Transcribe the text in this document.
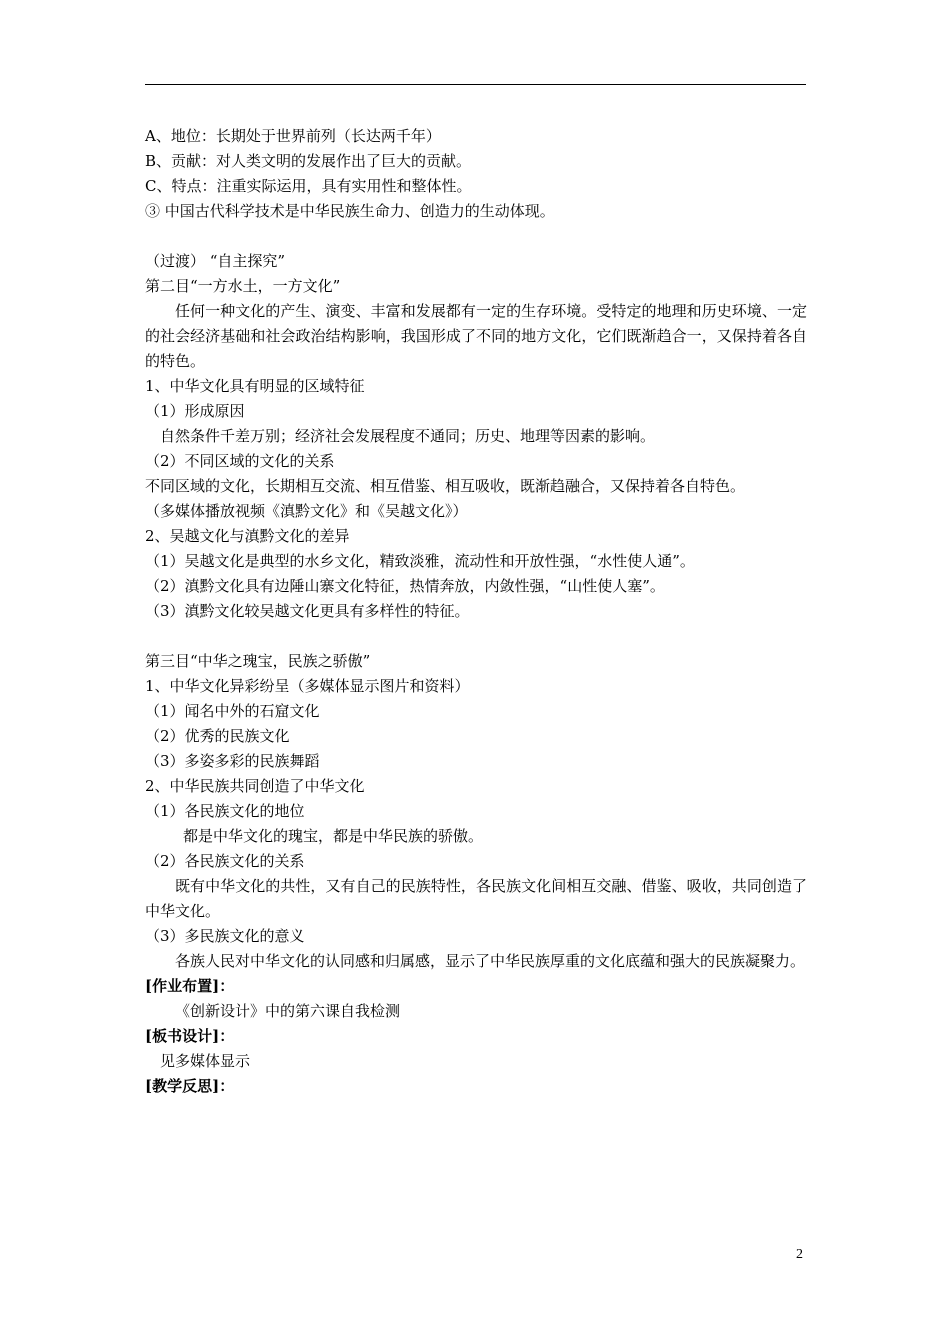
A、地位：长期处于世界前列（长达两千年）
B、贡献：对人类文明的发展作出了巨大的贡献。
C、特点：注重实际运用，具有实用性和整体性。
③ 中国古代科学技术是中华民族生命力、创造力的生动体现。
（过渡） “自主探究”
第二目“一方水土，一方文化”
任何一种文化的产生、演变、丰富和发展都有一定的生存环境。受特定的地理和历史环境、一定的社会经济基础和社会政治结构影响，我国形成了不同的地方文化，它们既渐趋合一，又保持着各自的特色。
1、中华文化具有明显的区域特征
（1）形成原因
自然条件千差万别；经济社会发展程度不通同；历史、地理等因素的影响。
（2）不同区域的文化的关系
不同区域的文化，长期相互交流、相互借鉴、相互吸收，既渐趋融合，又保持着各自特色。
（多媒体播放视频《滇黔文化》和《吴越文化》）
2、吴越文化与滇黔文化的差异
（1）吴越文化是典型的水乡文化，精致淡雅，流动性和开放性强，“水性使人通”。
（2）滇黔文化具有边陲山寨文化特征，热情奔放，内敛性强，“山性使人塞”。
（3）滇黔文化较吴越文化更具有多样性的特征。
第三目“中华之瑰宝，民族之骄傲”
1、中华文化异彩纷呈（多媒体显示图片和资料）
（1）闻名中外的石窟文化
（2）优秀的民族文化
（3）多姿多彩的民族舞蹈
2、中华民族共同创造了中华文化
（1）各民族文化的地位
都是中华文化的瑰宝，都是中华民族的骄傲。
（2）各民族文化的关系
既有中华文化的共性，又有自己的民族特性，各民族文化间相互交融、借鉴、吸收，共同创造了中华文化。
（3）多民族文化的意义
各族人民对中华文化的认同感和归属感，显示了中华民族厚重的文化底蕴和强大的民族凝聚力。
[作业布置]：
《创新设计》中的第六课自我检测
[板书设计]：
见多媒体显示
[教学反思]：
2
